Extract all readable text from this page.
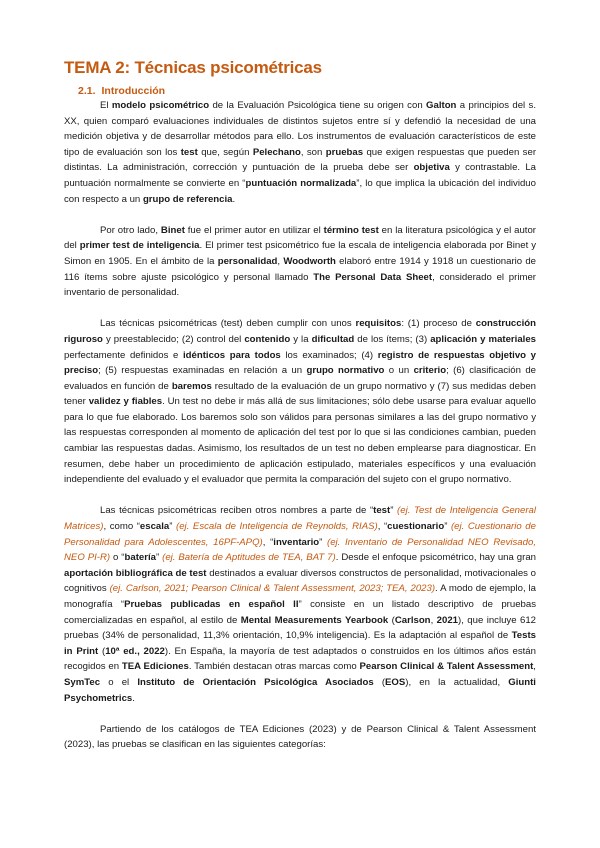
TEMA 2: Técnicas psicométricas
2.1. Introducción

El modelo psicométrico de la Evaluación Psicológica tiene su origen con Galton a principios del s. XX, quien comparó evaluaciones individuales de distintos sujetos entre sí y defendió la necesidad de una medición objetiva y de desarrollar métodos para ello. Los instrumentos de evaluación característicos de este tipo de evaluación son los test que, según Pelechano, son pruebas que exigen respuestas que pueden ser distintas. La administración, corrección y puntuación de la prueba debe ser objetiva y contrastable. La puntuación normalmente se convierte en “puntuación normalizada”, lo que implica la ubicación del individuo con respecto a un grupo de referencia.

Por otro lado, Binet fue el primer autor en utilizar el término test en la literatura psicológica y el autor del primer test de inteligencia. El primer test psicométrico fue la escala de inteligencia elaborada por Binet y Simon en 1905. En el ámbito de la personalidad, Woodworth elaboró entre 1914 y 1918 un cuestionario de 116 ítems sobre ajuste psicológico y personal llamado The Personal Data Sheet, considerado el primer inventario de personalidad.

Las técnicas psicométricas (test) deben cumplir con unos requisitos: (1) proceso de construcción riguroso y preestablecido; (2) control del contenido y la dificultad de los ítems; (3) aplicación y materiales perfectamente definidos e idénticos para todos los examinados; (4) registro de respuestas objetivo y preciso; (5) respuestas examinadas en relación a un grupo normativo o un criterio; (6) clasificación de evaluados en función de baremos resultado de la evaluación de un grupo normativo y (7) sus medidas deben tener validez y fiables. Un test no debe ir más allá de sus limitaciones; sólo debe usarse para evaluar aquello para lo que fue elaborado. Los baremos solo son válidos para personas similares a las del grupo normativo y las respuestas corresponden al momento de aplicación del test por lo que si las condiciones cambian, pueden cambiar las respuestas dadas. Asimismo, los resultados de un test no deben emplearse para diagnosticar. En resumen, debe haber un procedimiento de aplicación estipulado, materiales específicos y una evaluación independiente del evaluado y el evaluador que permita la comparación del sujeto con el grupo normativo.

Las técnicas psicométricas reciben otros nombres a parte de “test” (ej. Test de Inteligencia General Matrices), como “escala” (ej. Escala de Inteligencia de Reynolds, RIAS), “cuestionario” (ej. Cuestionario de Personalidad para Adolescentes, 16PF-APQ), “inventario” (ej. Inventario de Personalidad NEO Revisado, NEO PI-R) o “batería” (ej. Batería de Aptitudes de TEA, BAT 7). Desde el enfoque psicométrico, hay una gran aportación bibliográfica de test destinados a evaluar diversos constructos de personalidad, motivacionales o cognitivos (ej. Carlson, 2021; Pearson Clinical & Talent Assessment, 2023; TEA, 2023). A modo de ejemplo, la monografía “Pruebas publicadas en español II” consiste en un listado descriptivo de pruebas comercializadas en español, al estilo de Mental Measurements Yearbook (Carlson, 2021), que incluye 612 pruebas (34% de personalidad, 11,3% orientación, 10,9% inteligencia). Es la adaptación al español de Tests in Print (10ª ed., 2022). En España, la mayoría de test adaptados o construidos en los últimos años están recogidos en TEA Ediciones. También destacan otras marcas como Pearson Clinical & Talent Assessment, SymTec o el Instituto de Orientación Psicológica Asociados (EOS), en la actualidad, Giunti Psychometrics.

Partiendo de los catálogos de TEA Ediciones (2023) y de Pearson Clinical & Talent Assessment (2023), las pruebas se clasifican en las siguientes categorías:
